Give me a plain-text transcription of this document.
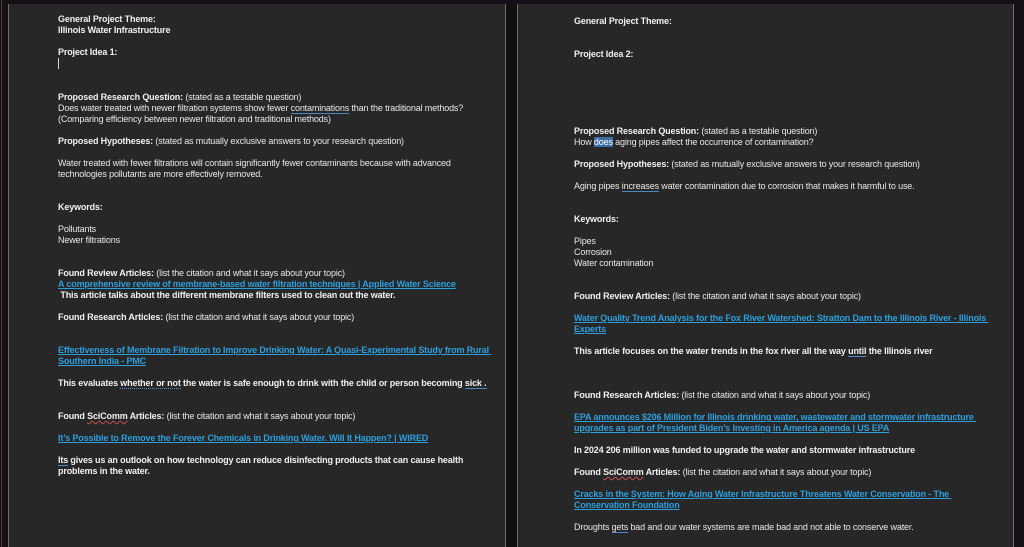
General Project Theme:
Illinois Water Infrastructure
Project Idea 1:
Proposed Research Question: (stated as a testable question)
Does water treated with newer filtration systems show fewer contaminations than the traditional methods?
(Comparing efficiency between newer filtration and traditional methods)
Proposed Hypotheses: (stated as mutually exclusive answers to your research question)
Water treated with fewer filtrations will contain significantly fewer contaminants because with advanced technologies pollutants are more effectively removed.
Keywords:
Pollutants
Newer filtrations
Found Review Articles: (list the citation and what it says about your topic)
A comprehensive review of membrane-based water filtration techniques | Applied Water Science
This article talks about the different membrane filters used to clean out the water.
Found Research Articles: (list the citation and what it says about your topic)
Effectiveness of Membrane Filtration to Improve Drinking Water: A Quasi-Experimental Study from Rural Southern India - PMC
This evaluates whether or not the water is safe enough to drink with the child or person becoming sick .
Found SciComm Articles: (list the citation and what it says about your topic)
It’s Possible to Remove the Forever Chemicals in Drinking Water. Will It Happen? | WIRED
Its gives us an outlook on how technology can reduce disinfecting products that can cause health problems in the water.
General Project Theme:
Project Idea 2:
Proposed Research Question: (stated as a testable question)
How does aging pipes affect the occurrence of contamination?
Proposed Hypotheses: (stated as mutually exclusive answers to your research question)
Aging pipes increases water contamination due to corrosion that makes it harmful to use.
Keywords:
Pipes
Corrosion
Water contamination
Found Review Articles: (list the citation and what it says about your topic)
Water Quality Trend Analysis for the Fox River Watershed: Stratton Dam to the Illinois River - Illinois Experts
This article focuses on the water trends in the fox river all the way until the Illinois river
Found Research Articles: (list the citation and what it says about your topic)
EPA announces $206 Million for Illinois drinking water, wastewater and stormwater infrastructure upgrades as part of President Biden’s Investing in America agenda | US EPA
In 2024 206 million was funded to upgrade the water and stormwater infrastructure
Found SciComm Articles: (list the citation and what it says about your topic)
Cracks in the System: How Aging Water Infrastructure Threatens Water Conservation - The Conservation Foundation
Droughts gets bad and our water systems are made bad and not able to conserve water.
